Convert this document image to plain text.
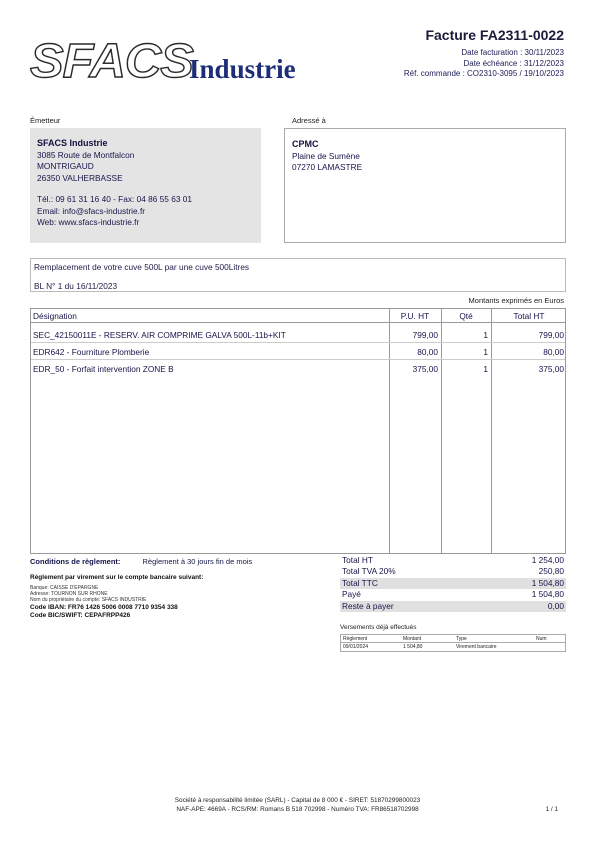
SFACS
Industrie
Facture FA2311-0022
Date facturation : 30/11/2023
Date échéance : 31/12/2023
Réf. commande : CO2310-3095 / 19/10/2023
Émetteur
SFACS Industrie
3085 Route de Montfalcon
MONTRIGAUD
26350 VALHERBASSE
Tél.: 09 61 31 16 40 - Fax: 04 86 55 63 01
Email: info@sfacs-industrie.fr
Web: www.sfacs-industrie.fr
Adressé à
CPMC
Plaine de Sumène
07270 LAMASTRE
Remplacement de votre cuve 500L par une cuve 500Litres
BL N° 1 du 16/11/2023
Montants exprimés en Euros
Désignation	P.U. HT	Qté	Total HT
SEC_42150011E - RESERV. AIR COMPRIME GALVA 500L-11b+KIT	799,00	1	799,00
EDR642 - Fourniture Plomberie	80,00	1	80,00
EDR_50 - Forfait intervention ZONE B	375,00	1	375,00
Conditions de règlement:	Règlement à 30 jours fin de mois
Règlement par virement sur le compte bancaire suivant:
Banque: CAISSE D'EPARGNE
Adresse: TOURNON SUR RHONE
Nom du propriétaire du compte: SFACS INDUSTRIE
Code IBAN: FR76 1426 5006 0008 7710 9354 338
Code BIC/SWIFT: CEPAFRPP426
Total HT	1 254,00
Total TVA 20%	250,80
Total TTC	1 504,80
Payé	1 504,80
Reste à payer	0,00
Versements déjà effectués
Règlement	Montant	Type	Num
09/01/2024	1 504,80	Virement bancaire
Société à responsabilité limitée (SARL) - Capital de 8 000 € - SIRET: 51870299800023
NAF-APE: 4669A - RCS/RM: Romans B 518 702998 - Numéro TVA: FR86518702998	1 / 1
